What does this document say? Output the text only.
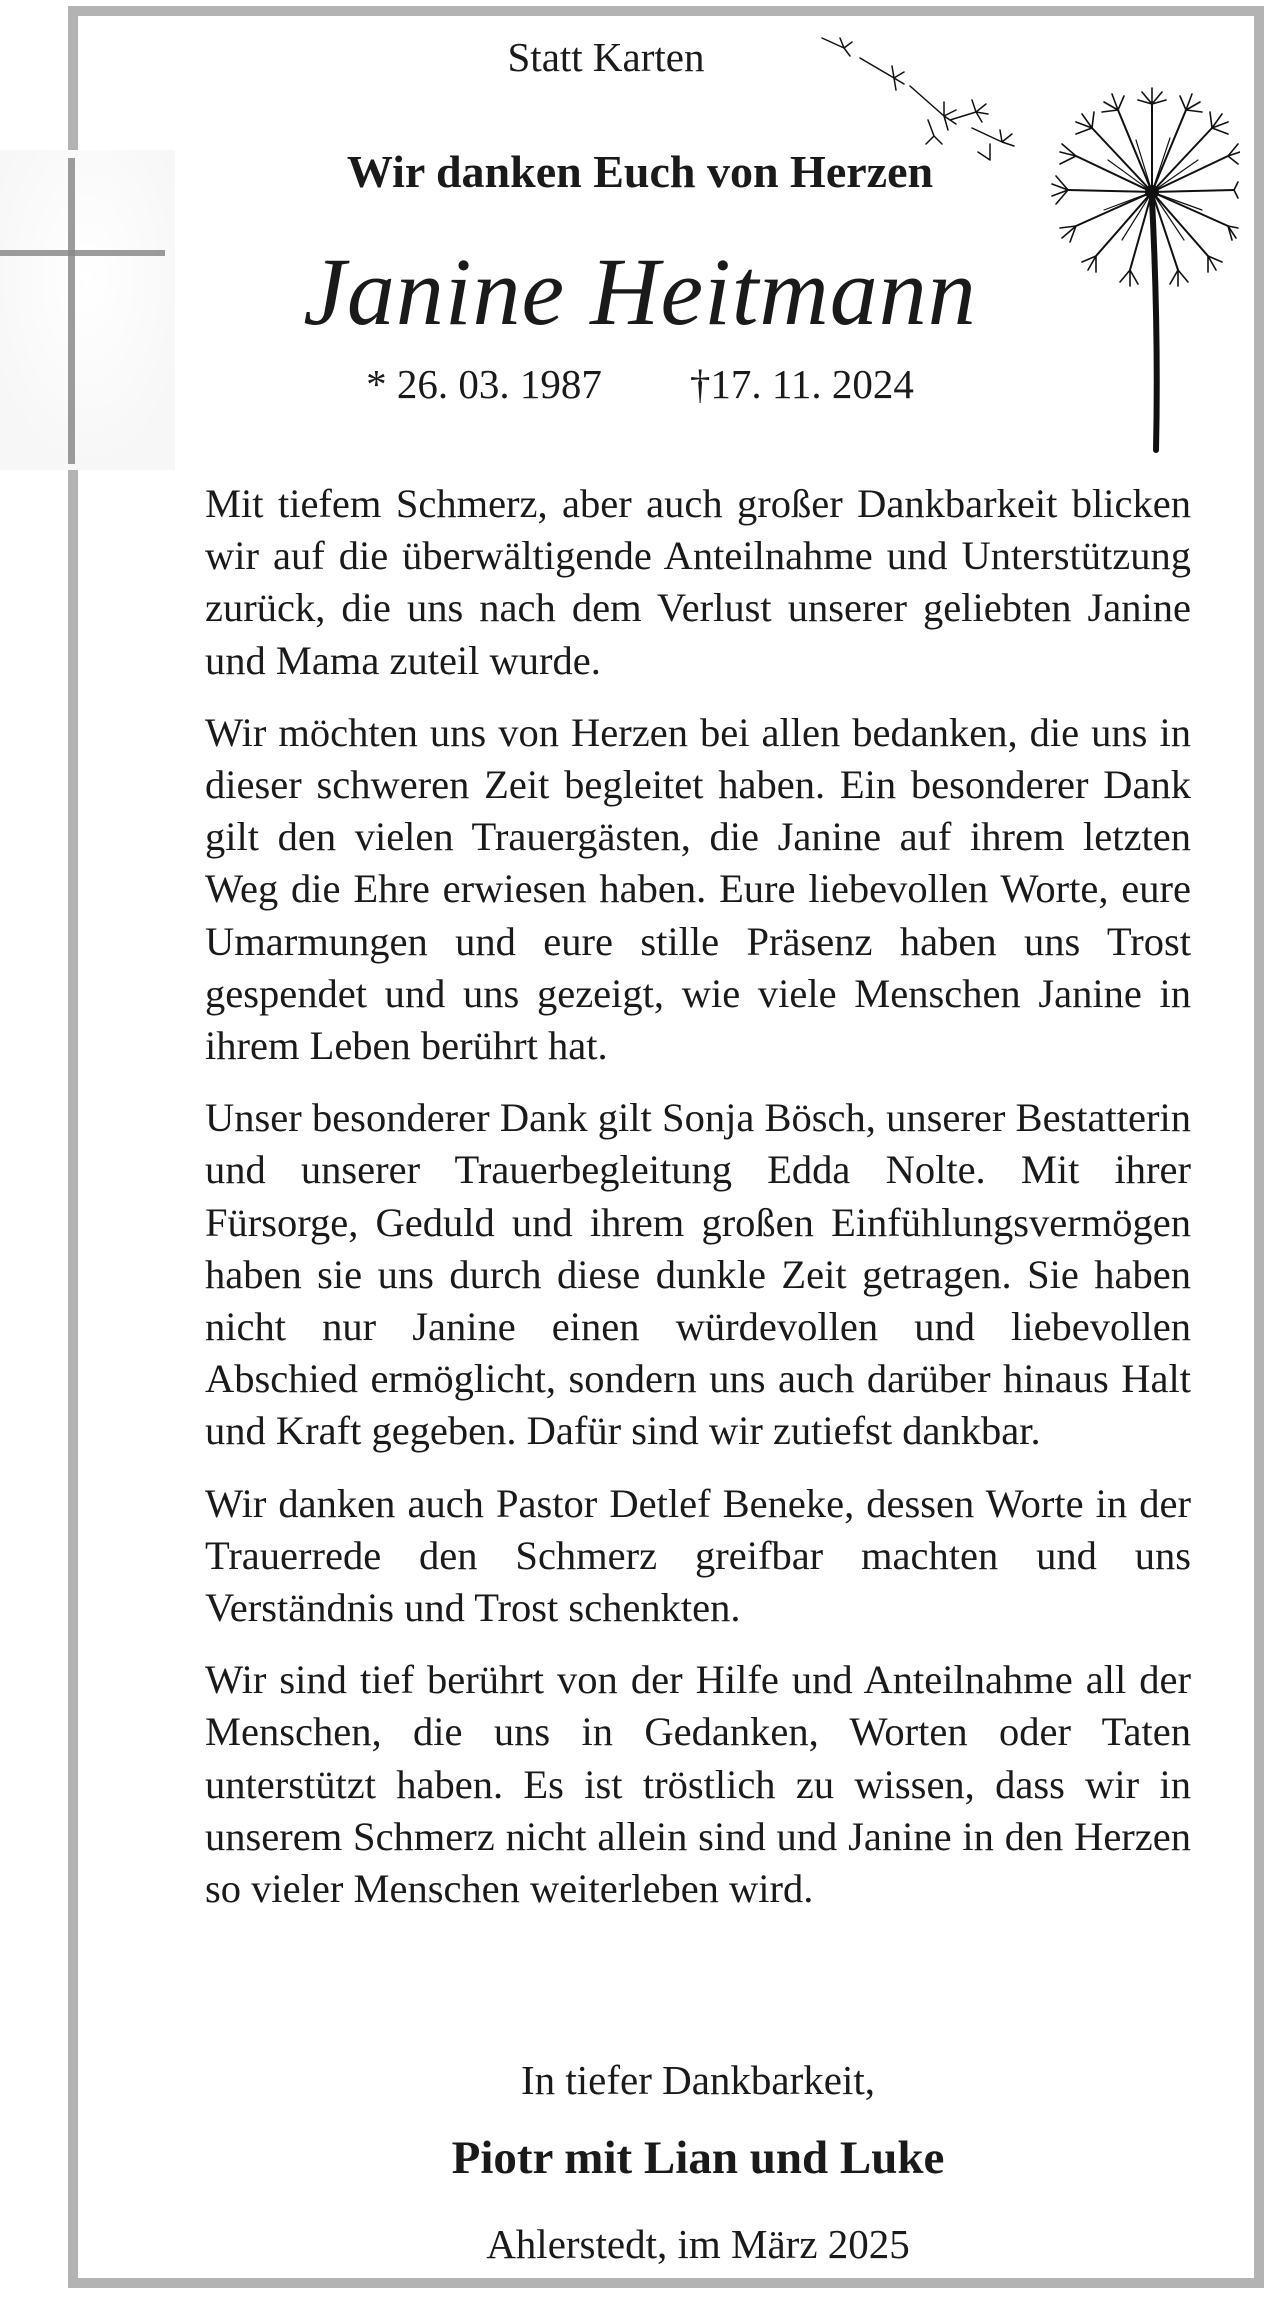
Statt Karten
Wir danken Euch von Herzen
Janine Heitmann
* 26. 03. 1987 †17. 11. 2024

Mit tiefem Schmerz, aber auch großer Dankbarkeit blicken wir auf die überwältigende Anteilnahme und Unterstützung zurück, die uns nach dem Verlust unserer geliebten Janine und Mama zuteil wurde.

Wir möchten uns von Herzen bei allen bedanken, die uns in dieser schweren Zeit begleitet haben. Ein besonderer Dank gilt den vielen Trauergästen, die Janine auf ihrem letzten Weg die Ehre erwiesen haben. Eure liebevollen Worte, eure Umarmungen und eure stille Präsenz haben uns Trost gespendet und uns gezeigt, wie viele Menschen Janine in ihrem Leben berührt hat.

Unser besonderer Dank gilt Sonja Bösch, unserer Bestatterin und unserer Trauerbegleitung Edda Nolte. Mit ihrer Fürsorge, Geduld und ihrem großen Einfühlungsvermögen haben sie uns durch diese dunkle Zeit getragen. Sie haben nicht nur Janine einen würdevollen und liebevollen Abschied ermöglicht, sondern uns auch darüber hinaus Halt und Kraft gegeben. Dafür sind wir zutiefst dankbar.

Wir danken auch Pastor Detlef Beneke, dessen Worte in der Trauerrede den Schmerz greifbar machten und uns Verständnis und Trost schenkten.

Wir sind tief berührt von der Hilfe und Anteilnahme all der Menschen, die uns in Gedanken, Worten oder Taten unterstützt haben. Es ist tröstlich zu wissen, dass wir in unserem Schmerz nicht allein sind und Janine in den Herzen so vieler Menschen weiterleben wird.

In tiefer Dankbarkeit,
Piotr mit Lian und Luke
Ahlerstedt, im März 2025
